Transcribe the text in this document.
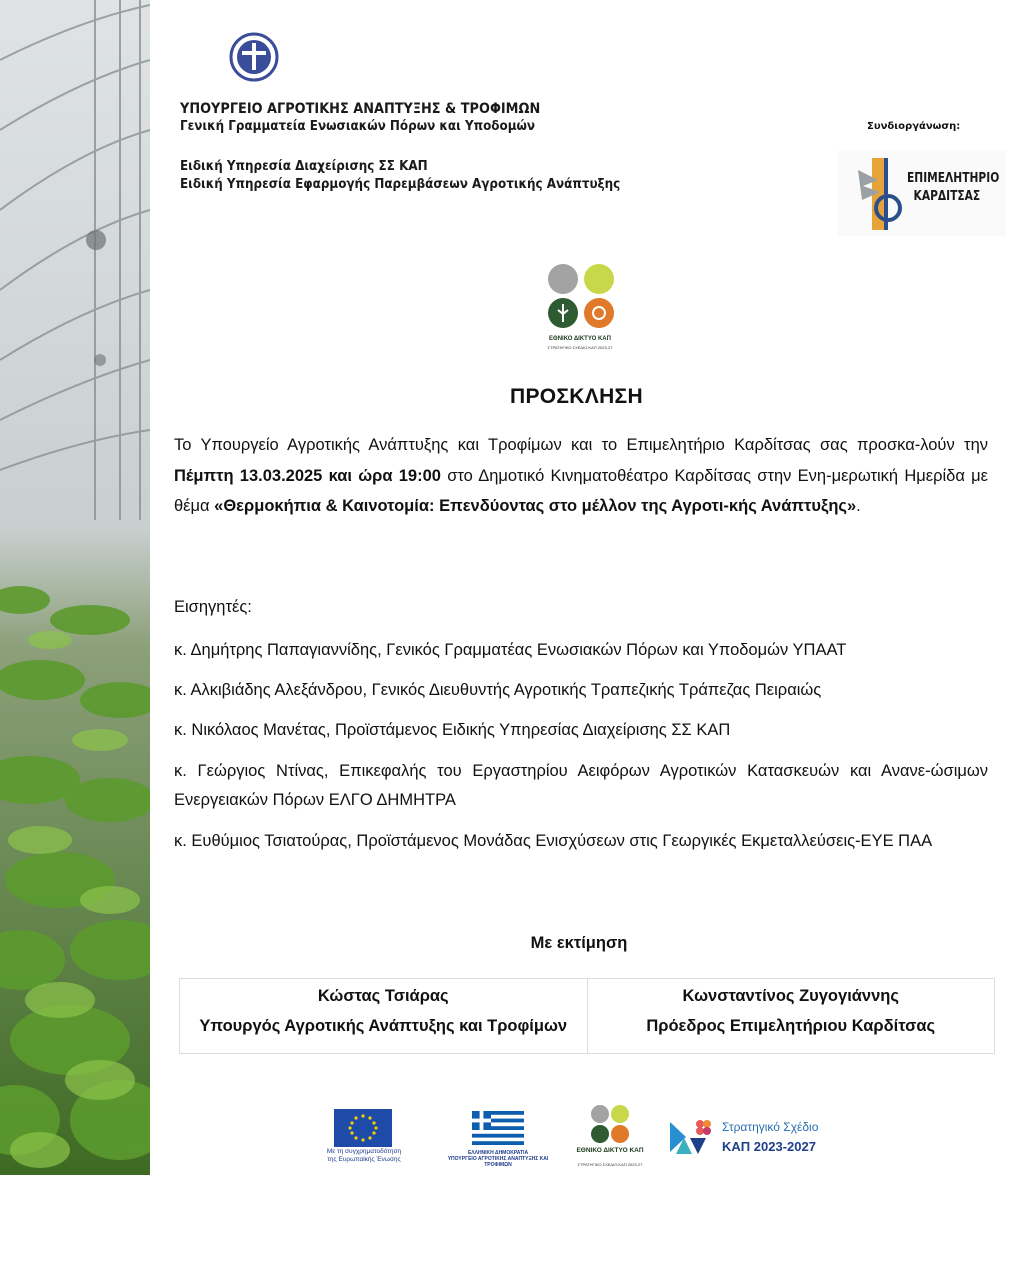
ΥΠΟΥΡΓΕΙΟ ΑΓΡΟΤΙΚΗΣ ΑΝΑΠΤΥΞΗΣ & ΤΡΟΦΙΜΩΝ
Γενική Γραμματεία Ενωσιακών Πόρων και Υποδομών
Ειδική Υπηρεσία Διαχείρισης ΣΣ ΚΑΠ
Ειδική Υπηρεσία Εφαρμογής Παρεμβάσεων Αγροτικής Ανάπτυξης
Συνδιοργάνωση:
ΕΠΙΜΕΛΗΤΗΡΙΟ
ΚΑΡΔΙΤΣΑΣ
ΕΘΝΙΚΟ ΔΙΚΤΥΟ ΚΑΠ
ΣΤΡΑΤΗΓΙΚΟ ΣΧΕΔΙΟ ΚΑΠ 2023-27
ΠΡΟΣΚΛΗΣΗ
Το Υπουργείο Αγροτικής Ανάπτυξης και Τροφίμων και το Επιμελητήριο Καρδίτσας σας προσκα-λούν την Πέμπτη 13.03.2025 και ώρα 19:00 στο Δημοτικό Κινηματοθέατρο Καρδίτσας στην Ενη-μερωτική Ημερίδα με θέμα «Θερμοκήπια & Καινοτομία: Επενδύοντας στο μέλλον της Αγροτι-κής Ανάπτυξης».
Εισηγητές:
κ. Δημήτρης Παπαγιαννίδης, Γενικός Γραμματέας Ενωσιακών Πόρων και Υποδομών ΥΠΑΑΤ
κ. Αλκιβιάδης Αλεξάνδρου, Γενικός Διευθυντής Αγροτικής Τραπεζικής Τράπεζας Πειραιώς
κ. Νικόλαος Μανέτας, Προϊστάμενος Ειδικής Υπηρεσίας Διαχείρισης ΣΣ ΚΑΠ
κ. Γεώργιος Ντίνας, Επικεφαλής του Εργαστηρίου Αειφόρων Αγροτικών Κατασκευών και Ανανε-ώσιμων Ενεργειακών Πόρων ΕΛΓΟ ΔΗΜΗΤΡΑ
κ. Ευθύμιος Τσιατούρας, Προϊστάμενος Μονάδας Ενισχύσεων στις Γεωργικές Εκμεταλλεύσεις-ΕΥΕ ΠΑΑ
Με εκτίμηση
Κώστας Τσιάρας
Υπουργός Αγροτικής Ανάπτυξης και Τροφίμων
Κωνσταντίνος Ζυγογιάννης
Πρόεδρος Επιμελητήριου Καρδίτσας
Με τη συγχρηματοδότηση
της Ευρωπαϊκής Ένωσης
ΕΛΛΗΝΙΚΗ ΔΗΜΟΚΡΑΤΙΑ
ΥΠΟΥΡΓΕΙΟ ΑΓΡΟΤΙΚΗΣ ΑΝΑΠΤΥΞΗΣ ΚΑΙ ΤΡΟΦΙΜΩΝ
ΕΘΝΙΚΟ ΔΙΚΤΥΟ ΚΑΠ
ΣΤΡΑΤΗΓΙΚΟ ΣΧΕΔΙΟ ΚΑΠ 2023-27
Στρατηγικό Σχέδιο
ΚΑΠ 2023-2027
